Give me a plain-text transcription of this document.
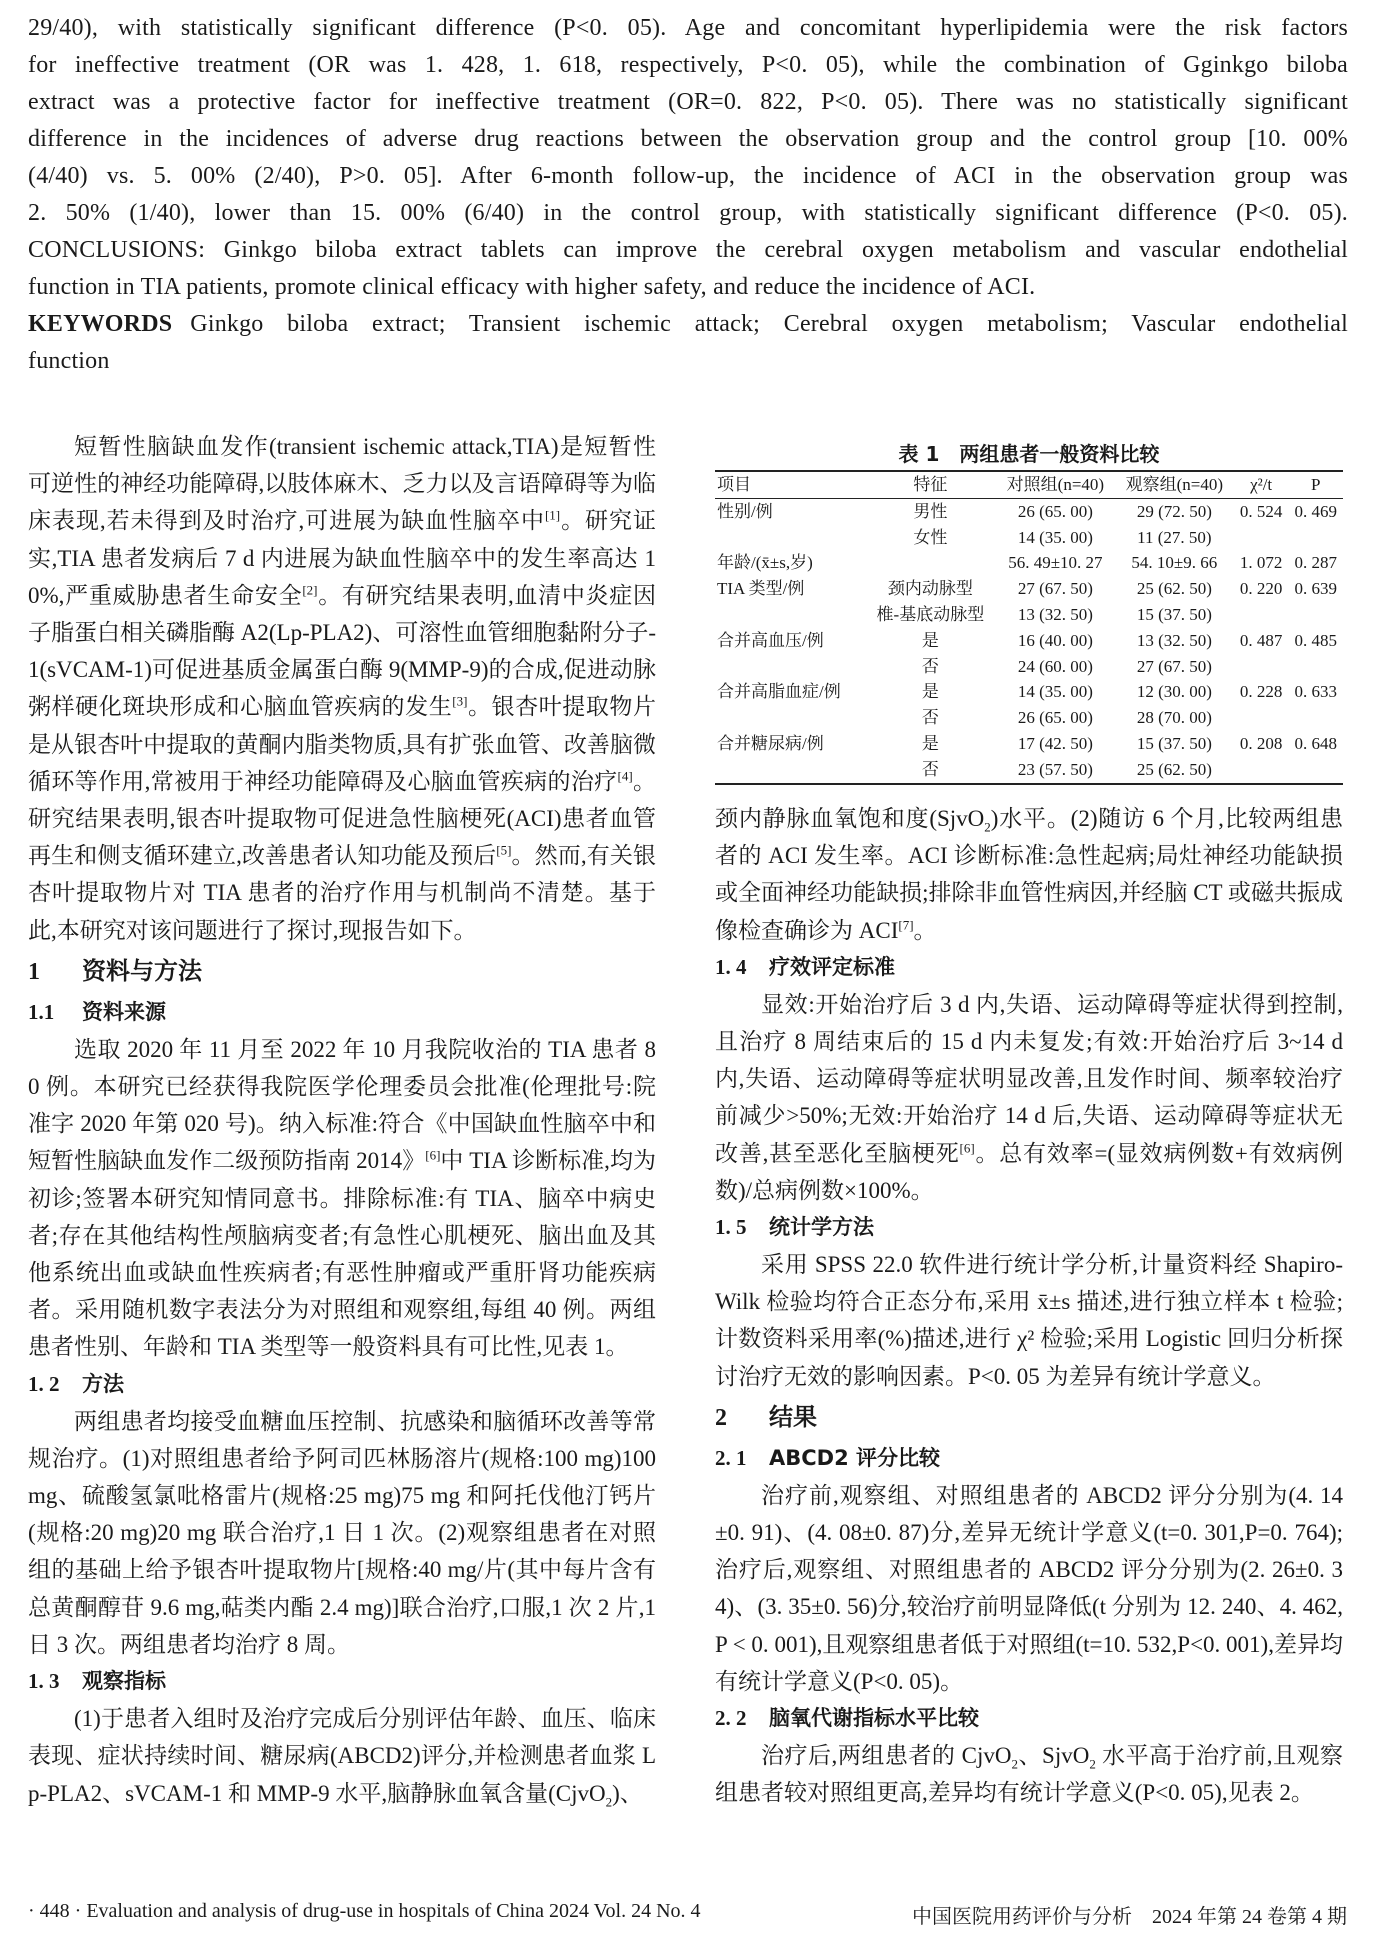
29/40), with statistically significant difference (P<0. 05). Age and concomitant hyperlipidemia were the risk factors
for ineffective treatment (OR was 1. 428, 1. 618, respectively, P<0. 05), while the combination of Gginkgo biloba
extract was a protective factor for ineffective treatment (OR=0. 822, P<0. 05). There was no statistically significant
difference in the incidences of adverse drug reactions between the observation group and the control group [10. 00%
(4/40) vs. 5. 00% (2/40), P>0. 05]. After 6-month follow-up, the incidence of ACI in the observation group was
2. 50% (1/40), lower than 15. 00% (6/40) in the control group, with statistically significant difference (P<0. 05).
CONCLUSIONS: Ginkgo biloba extract tablets can improve the cerebral oxygen metabolism and vascular endothelial
function in TIA patients, promote clinical efficacy with higher safety, and reduce the incidence of ACI.
KEYWORDS Ginkgo biloba extract; Transient ischemic attack; Cerebral oxygen metabolism; Vascular endothelial
function

短暂性脑缺血发作(transient ischemic attack,TIA)是短暂性可逆性的神经功能障碍,以肢体麻木、乏力以及言语障碍等为临床表现,若未得到及时治疗,可进展为缺血性脑卒中[1]。研究证实,TIA 患者发病后 7 d 内进展为缺血性脑卒中的发生率高达 10%,严重威胁患者生命安全[2]。有研究结果表明,血清中炎症因子脂蛋白相关磷脂酶 A2(Lp-PLA2)、可溶性血管细胞黏附分子-1(sVCAM-1)可促进基质金属蛋白酶 9(MMP-9)的合成,促进动脉粥样硬化斑块形成和心脑血管疾病的发生[3]。银杏叶提取物片是从银杏叶中提取的黄酮内脂类物质,具有扩张血管、改善脑微循环等作用,常被用于神经功能障碍及心脑血管疾病的治疗[4]。研究结果表明,银杏叶提取物可促进急性脑梗死(ACI)患者血管再生和侧支循环建立,改善患者认知功能及预后[5]。然而,有关银杏叶提取物片对 TIA 患者的治疗作用与机制尚不清楚。基于此,本研究对该问题进行了探讨,现报告如下。

1 资料与方法
1.1 资料来源

选取 2020 年 11 月至 2022 年 10 月我院收治的 TIA 患者 80 例。本研究已经获得我院医学伦理委员会批准(伦理批号:院准字 2020 年第 020 号)。纳入标准:符合《中国缺血性脑卒中和短暂性脑缺血发作二级预防指南 2014》[6]中 TIA 诊断标准,均为初诊;签署本研究知情同意书。排除标准:有 TIA、脑卒中病史者;存在其他结构性颅脑病变者;有急性心肌梗死、脑出血及其他系统出血或缺血性疾病者;有恶性肿瘤或严重肝肾功能疾病者。采用随机数字表法分为对照组和观察组,每组 40 例。两组患者性别、年龄和 TIA 类型等一般资料具有可比性,见表 1。

1. 2 方法

两组患者均接受血糖血压控制、抗感染和脑循环改善等常规治疗。(1)对照组患者给予阿司匹林肠溶片(规格:100 mg)100 mg、硫酸氢氯吡格雷片(规格:25 mg)75 mg 和阿托伐他汀钙片(规格:20 mg)20 mg 联合治疗,1 日 1 次。(2)观察组患者在对照组的基础上给予银杏叶提取物片[规格:40 mg/片(其中每片含有总黄酮醇苷 9.6 mg,萜类内酯 2.4 mg)]联合治疗,口服,1 次 2 片,1 日 3 次。两组患者均治疗 8 周。

1. 3 观察指标

(1)于患者入组时及治疗完成后分别评估年龄、血压、临床表现、症状持续时间、糖尿病(ABCD2)评分,并检测患者血浆 Lp-PLA2、sVCAM-1 和 MMP-9 水平,脑静脉血氧含量(CjvO$_2$)、

表 1　两组患者一般资料比较
项目	特征	对照组(n=40)	观察组(n=40)	χ²/t	P
性别/例	男性	26 (65. 00)	29 (72. 50)	0. 524	0. 469
	女性	14 (35. 00)	11 (27. 50)		
年龄/(x̄±s,岁)		56. 49±10. 27	54. 10±9. 66	1. 072	0. 287
TIA 类型/例	颈内动脉型	27 (67. 50)	25 (62. 50)	0. 220	0. 639
	椎-基底动脉型	13 (32. 50)	15 (37. 50)		
合并高血压/例	是	16 (40. 00)	13 (32. 50)	0. 487	0. 485
	否	24 (60. 00)	27 (67. 50)		
合并高脂血症/例	是	14 (35. 00)	12 (30. 00)	0. 228	0. 633
	否	26 (65. 00)	28 (70. 00)		
合并糖尿病/例	是	17 (42. 50)	15 (37. 50)	0. 208	0. 648
	否	23 (57. 50)	25 (62. 50)		

颈内静脉血氧饱和度(SjvO$_2$)水平。(2)随访 6 个月,比较两组患者的 ACI 发生率。ACI 诊断标准:急性起病;局灶神经功能缺损或全面神经功能缺损;排除非血管性病因,并经脑 CT 或磁共振成像检查确诊为 ACI[7]。

1. 4 疗效评定标准

显效:开始治疗后 3 d 内,失语、运动障碍等症状得到控制,且治疗 8 周结束后的 15 d 内未复发;有效:开始治疗后 3~14 d 内,失语、运动障碍等症状明显改善,且发作时间、频率较治疗前减少>50%;无效:开始治疗 14 d 后,失语、运动障碍等症状无改善,甚至恶化至脑梗死[6]。总有效率=(显效病例数+有效病例数)/总病例数×100%。

1. 5 统计学方法

采用 SPSS 22.0 软件进行统计学分析,计量资料经 Shapiro-Wilk 检验均符合正态分布,采用 x̄±s 描述,进行独立样本 t 检验;计数资料采用率(%)描述,进行 χ² 检验;采用 Logistic 回归分析探讨治疗无效的影响因素。P<0. 05 为差异有统计学意义。

2 结果
2. 1 ABCD2 评分比较

治疗前,观察组、对照组患者的 ABCD2 评分分别为(4. 14±0. 91)、(4. 08±0. 87)分,差异无统计学意义(t=0. 301,P=0. 764);治疗后,观察组、对照组患者的 ABCD2 评分分别为(2. 26±0. 34)、(3. 35±0. 56)分,较治疗前明显降低(t 分别为 12. 240、4. 462, P < 0. 001),且观察组患者低于对照组(t=10. 532,P<0. 001),差异均有统计学意义(P<0. 05)。

2. 2 脑氧代谢指标水平比较

治疗后,两组患者的 CjvO$_2$、SjvO$_2$ 水平高于治疗前,且观察组患者较对照组更高,差异均有统计学意义(P<0. 05),见表 2。

· 448 · Evaluation and analysis of drug-use in hospitals of China 2024 Vol. 24 No. 4	中国医院用药评价与分析　2024 年第 24 卷第 4 期
